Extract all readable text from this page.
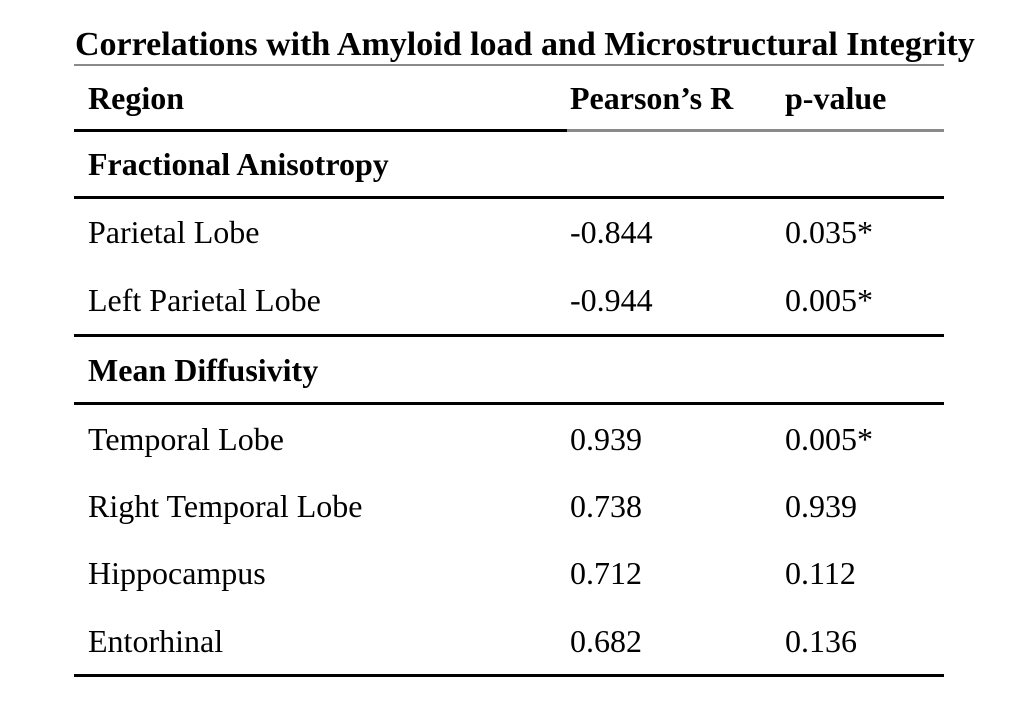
Correlations with Amyloid load and Microstructural Integrity
Region	Pearson’s R	p-value
Fractional Anisotropy
Parietal Lobe	-0.844	0.035*
Left Parietal Lobe	-0.944	0.005*
Mean Diffusivity
Temporal Lobe	0.939	0.005*
Right Temporal Lobe	0.738	0.939
Hippocampus	0.712	0.112
Entorhinal	0.682	0.136
